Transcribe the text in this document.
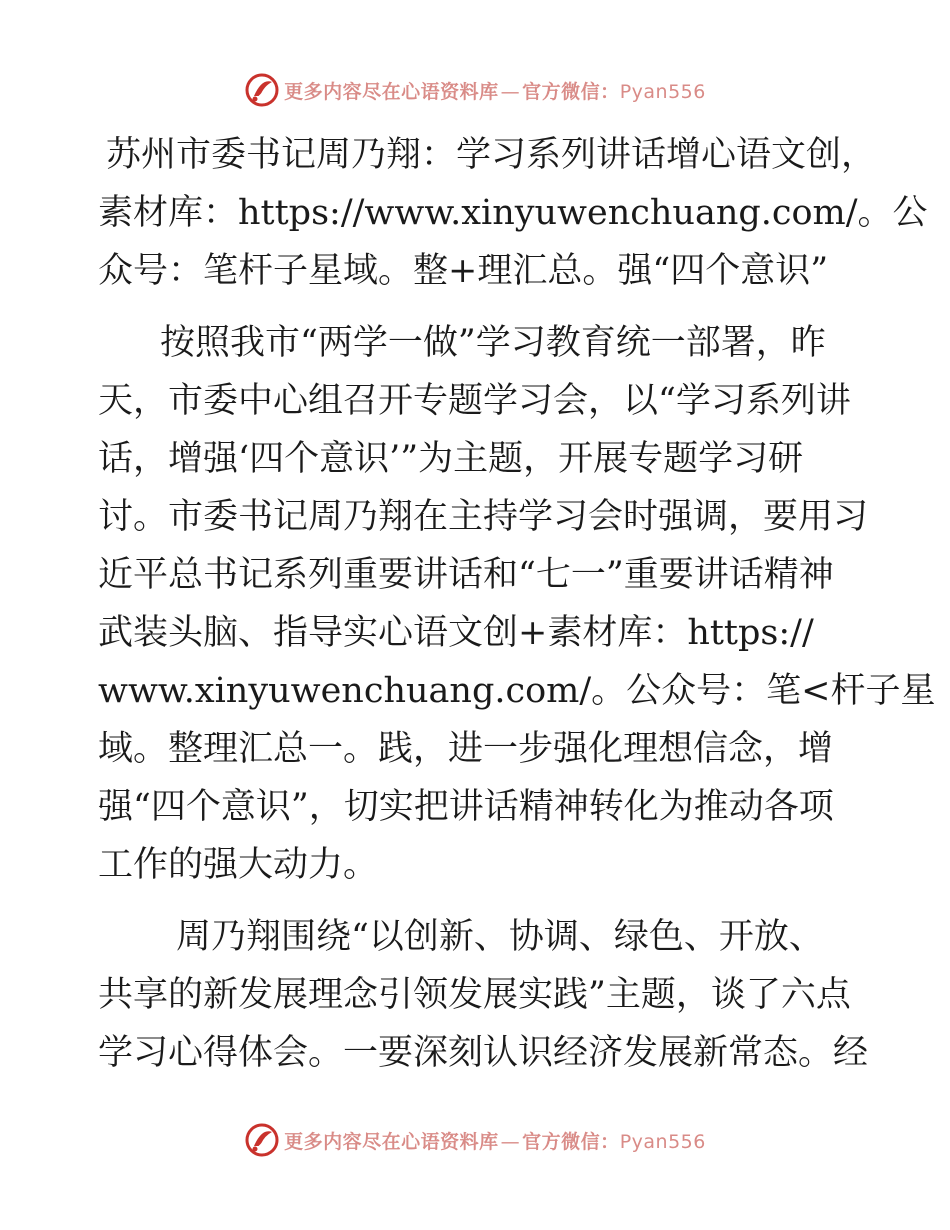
更多内容尽在心语资料库 — 官方微信：Pyan556
苏州市委书记周乃翔：学习系列讲话增心语文创，
素材库：https://www.xinyuwenchuang.com/。公
众号：笔杆子星域。整+理汇总。强“四个意识”
按照我市“两学一做”学习教育统一部署，昨
天，市委中心组召开专题学习会，以“学习系列讲
话，增强‘四个意识’”为主题，开展专题学习研
讨。市委书记周乃翔在主持学习会时强调，要用习
近平总书记系列重要讲话和“七一”重要讲话精神
武装头脑、指导实心语文创+素材库：https://
www.xinyuwenchuang.com/。公众号：笔<杆子星
域。整理汇总一。践，进一步强化理想信念，增
强“四个意识”，切实把讲话精神转化为推动各项
工作的强大动力。
周乃翔围绕“以创新、协调、绿色、开放、
共享的新发展理念引领发展实践”主题，谈了六点
学习心得体会。一要深刻认识经济发展新常态。经
更多内容尽在心语资料库 — 官方微信：Pyan556
